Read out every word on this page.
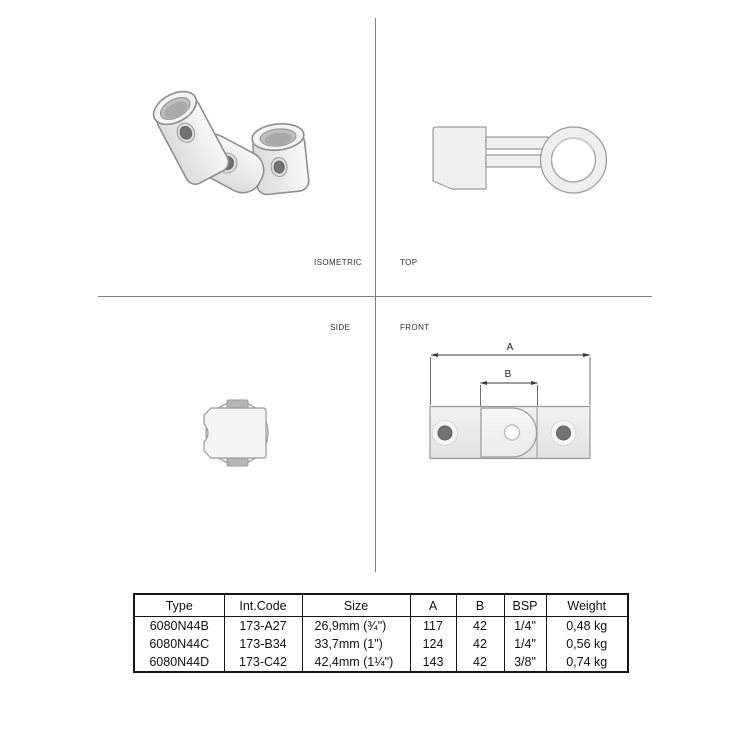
ISOMETRIC	TOP
SIDE	FRONT
A
B
Type	Int.Code	Size	A	B	BSP	Weight
6080N44B	173-A27	26,9mm (¾")	117	42	1/4"	0,48 kg
6080N44C	173-B34	33,7mm (1")	124	42	1/4"	0,56 kg
6080N44D	173-C42	42,4mm (1¼")	143	42	3/8"	0,74 kg
